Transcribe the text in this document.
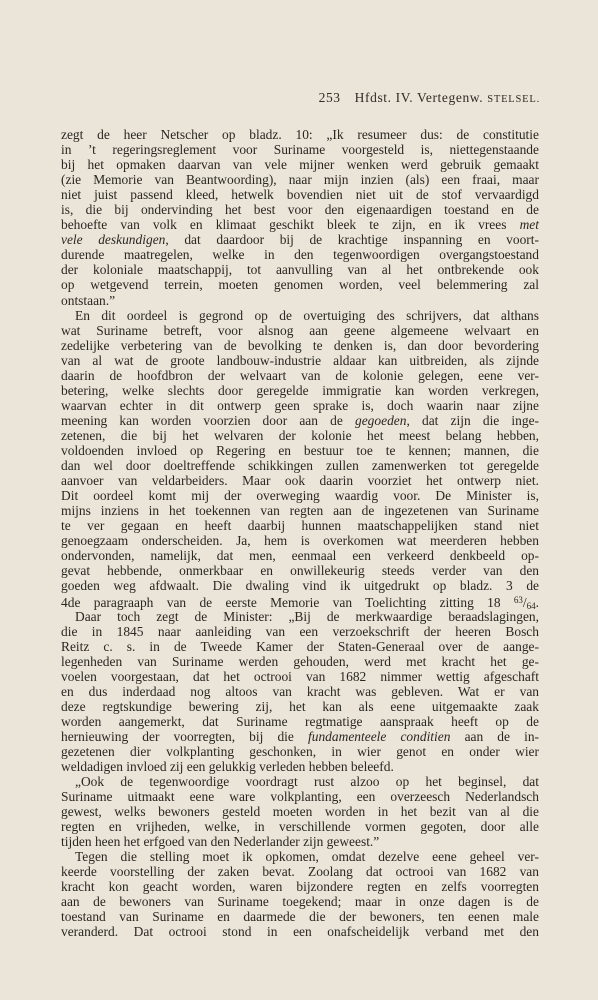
253 Hfdst. IV. Vertegenw. STELSEL.
zegt de heer Netscher op bladz. 10: „Ik resumeer dus: de constitutie
in ’t regeringsreglement voor Suriname voorgesteld is, niettegenstaande
bij het opmaken daarvan van vele mijner wenken werd gebruik gemaakt
(zie Memorie van Beantwoording), naar mijn inzien (als) een fraai, maar
niet juist passend kleed, hetwelk bovendien niet uit de stof vervaardigd
is, die bij ondervinding het best voor den eigenaardigen toestand en de
behoefte van volk en klimaat geschikt bleek te zijn, en ik vrees met
vele deskundigen, dat daardoor bij de krachtige inspanning en voort-
durende maatregelen, welke in den tegenwoordigen overgangstoestand
der koloniale maatschappij, tot aanvulling van al het ontbrekende ook
op wetgevend terrein, moeten genomen worden, veel belemmering zal
ontstaan.”
En dit oordeel is gegrond op de overtuiging des schrijvers, dat althans
wat Suriname betreft, voor alsnog aan geene algemeene welvaart en
zedelijke verbetering van de bevolking te denken is, dan door bevordering
van al wat de groote landbouw-industrie aldaar kan uitbreiden, als zijnde
daarin de hoofdbron der welvaart van de kolonie gelegen, eene ver-
betering, welke slechts door geregelde immigratie kan worden verkregen,
waarvan echter in dit ontwerp geen sprake is, doch waarin naar zijne
meening kan worden voorzien door aan de gegoeden, dat zijn die inge-
zetenen, die bij het welvaren der kolonie het meest belang hebben,
voldoenden invloed op Regering en bestuur toe te kennen; mannen, die
dan wel door doeltreffende schikkingen zullen zamenwerken tot geregelde
aanvoer van veldarbeiders. Maar ook daarin voorziet het ontwerp niet.
Dit oordeel komt mij der overweging waardig voor. De Minister is,
mijns inziens in het toekennen van regten aan de ingezetenen van Suriname
te ver gegaan en heeft daarbij hunnen maatschappelijken stand niet
genoegzaam onderscheiden. Ja, hem is overkomen wat meerderen hebben
ondervonden, namelijk, dat men, eenmaal een verkeerd denkbeeld op-
gevat hebbende, onmerkbaar en onwillekeurig steeds verder van den
goeden weg afdwaalt. Die dwaling vind ik uitgedrukt op bladz. 3 de
4de paragraaph van de eerste Memorie van Toelichting zitting 18 $^{63}/_{64}$.
Daar toch zegt de Minister: „Bij de merkwaardige beraadslagingen,
die in 1845 naar aanleiding van een verzoekschrift der heeren Bosch
Reitz c. s. in de Tweede Kamer der Staten-Generaal over de aange-
legenheden van Suriname werden gehouden, werd met kracht het ge-
voelen voorgestaan, dat het octrooi van 1682 nimmer wettig afgeschaft
en dus inderdaad nog altoos van kracht was gebleven. Wat er van
deze regtskundige bewering zij, het kan als eene uitgemaakte zaak
worden aangemerkt, dat Suriname regtmatige aanspraak heeft op de
hernieuwing der voorregten, bij die fundamenteele conditien aan de in-
gezetenen dier volkplanting geschonken, in wier genot en onder wier
weldadigen invloed zij een gelukkig verleden hebben beleefd.
„Ook de tegenwoordige voordragt rust alzoo op het beginsel, dat
Suriname uitmaakt eene ware volkplanting, een overzeesch Nederlandsch
gewest, welks bewoners gesteld moeten worden in het bezit van al die
regten en vrijheden, welke, in verschillende vormen gegoten, door alle
tijden heen het erfgoed van den Nederlander zijn geweest.”
Tegen die stelling moet ik opkomen, omdat dezelve eene geheel ver-
keerde voorstelling der zaken bevat. Zoolang dat octrooi van 1682 van
kracht kon geacht worden, waren bijzondere regten en zelfs voorregten
aan de bewoners van Suriname toegekend; maar in onze dagen is de
toestand van Suriname en daarmede die der bewoners, ten eenen male
veranderd. Dat octrooi stond in een onafscheidelijk verband met den
